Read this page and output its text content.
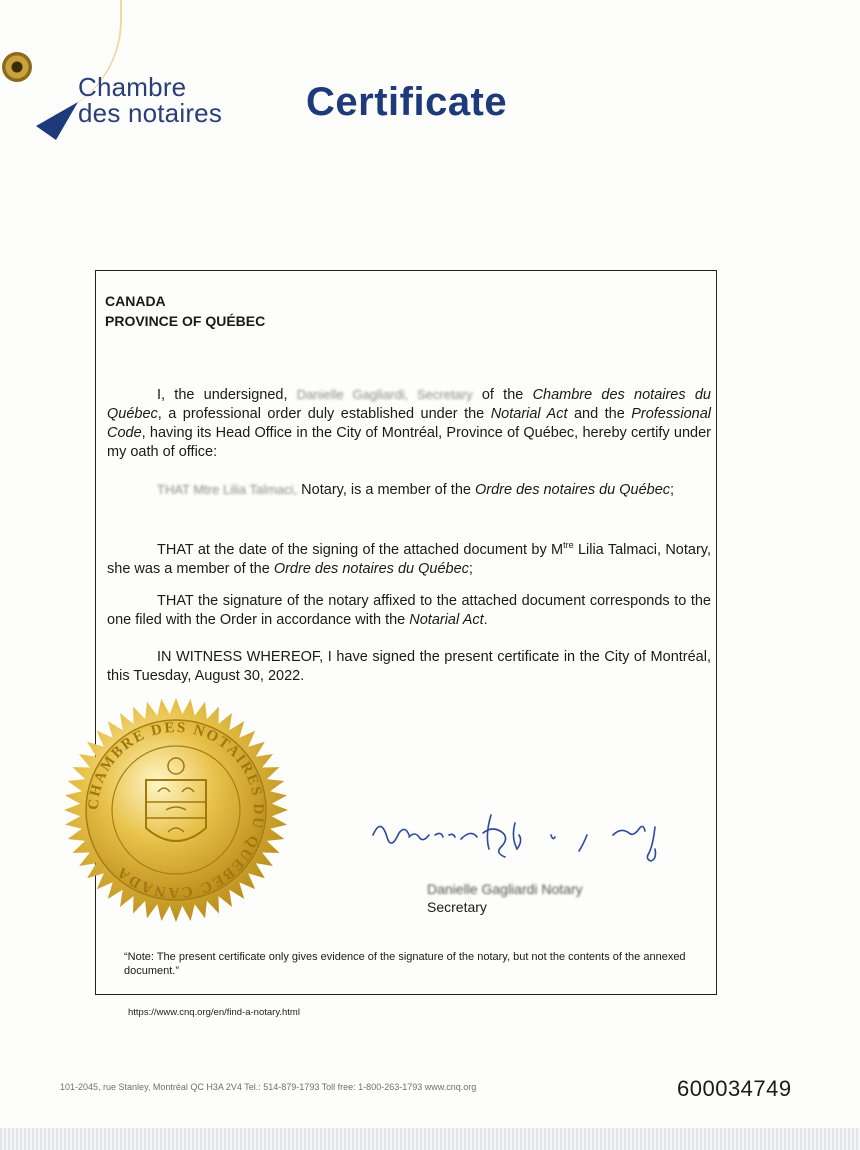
Chambre
des notaires Certificate
CANADA
PROVINCE OF QUÉBEC

I, the undersigned, Danielle Gagliardi, Secretary of the Chambre des notaires du Québec, a professional order duly established under the Notarial Act and the Professional Code, having its Head Office in the City of Montréal, Province of Québec, hereby certify under my oath of office:

THAT Mtre Lilia Talmaci, Notary, is a member of the Ordre des notaires du Québec;

THAT at the date of the signing of the attached document by $M^{tre}$ Lilia Talmaci, Notary, she was a member of the Ordre des notaires du Québec;

THAT the signature of the notary affixed to the attached document corresponds to the one filed with the Order in accordance with the Notarial Act.

IN WITNESS WHEREOF, I have signed the present certificate in the City of Montréal, this Tuesday, August 30, 2022.

CHAMBRE DES NOTAIRES DU QUÉBEC CANADA
Danielle Gagliardi Notary
Secretary

“Note: The present certificate only gives evidence of the signature of the notary, but not the contents of the annexed document.”

https://www.cnq.org/en/find-a-notary.html
101-2045, rue Stanley, Montréal QC H3A 2V4 Tel.: 514-879-1793 Toll free: 1-800-263-1793 www.cnq.org	600034749
